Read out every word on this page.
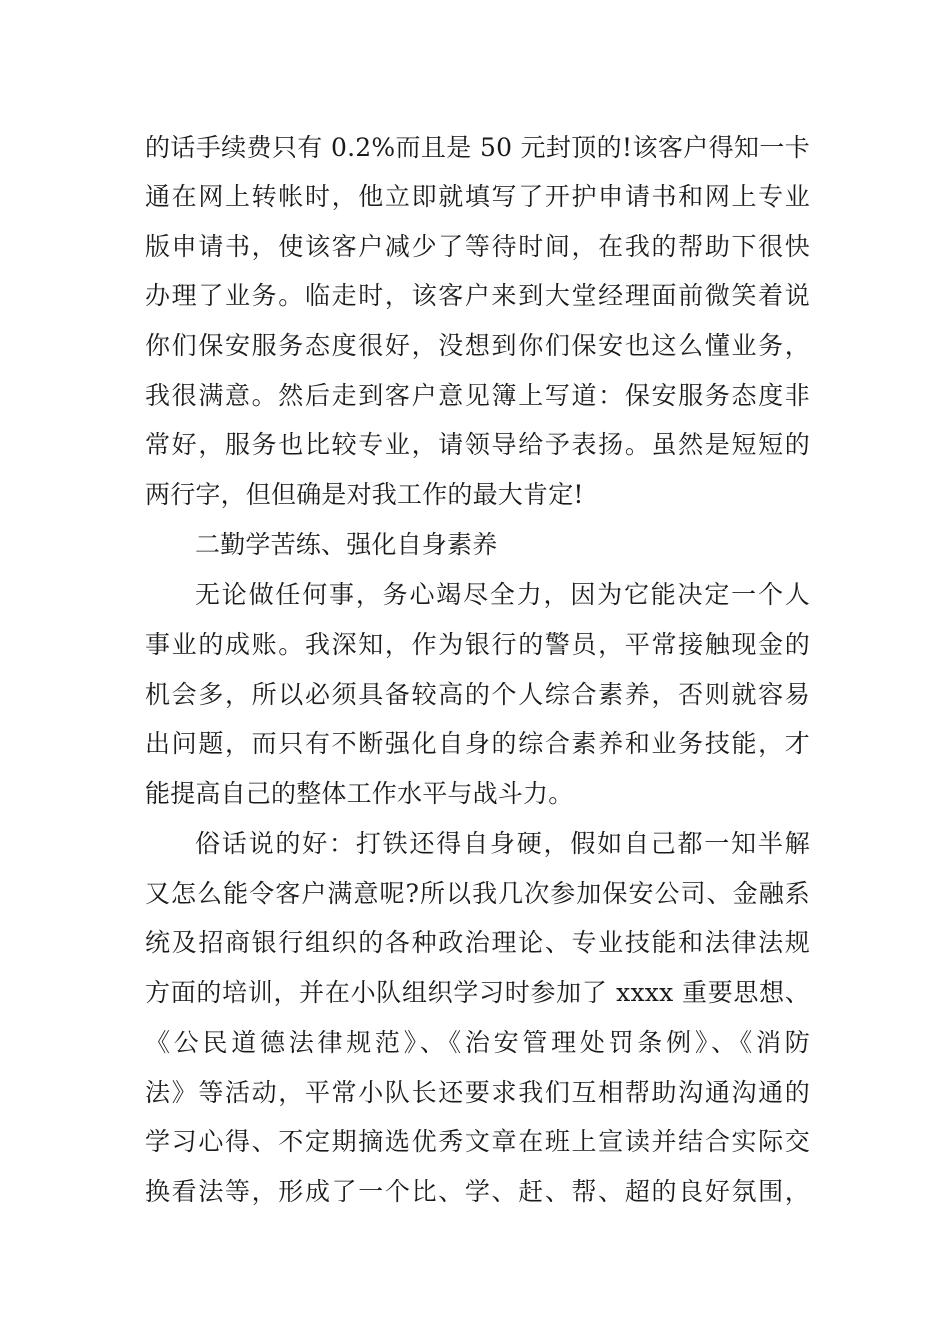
的话手续费只有 0.2%而且是 50 元封顶的!该客户得知一卡
通在网上转帐时，他立即就填写了开护申请书和网上专业
版申请书，使该客户减少了等待时间，在我的帮助下很快
办理了业务。临走时，该客户来到大堂经理面前微笑着说
你们保安服务态度很好，没想到你们保安也这么懂业务，
我很满意。然后走到客户意见簿上写道：保安服务态度非
常好，服务也比较专业，请领导给予表扬。虽然是短短的
两行字，但但确是对我工作的最大肯定!
二勤学苦练、强化自身素养
无论做任何事，务心竭尽全力，因为它能决定一个人
事业的成账。我深知，作为银行的警员，平常接触现金的
机会多，所以必须具备较高的个人综合素养，否则就容易
出问题，而只有不断强化自身的综合素养和业务技能，才
能提高自己的整体工作水平与战斗力。
俗话说的好：打铁还得自身硬，假如自己都一知半解
又怎么能令客户满意呢?所以我几次参加保安公司、金融系
统及招商银行组织的各种政治理论、专业技能和法律法规
方面的培训，并在小队组织学习时参加了 xxxx 重要思想、
《公民道德法律规范》、《治安管理处罚条例》、《消防
法》等活动，平常小队长还要求我们互相帮助沟通沟通的
学习心得、不定期摘选优秀文章在班上宣读并结合实际交
换看法等，形成了一个比、学、赶、帮、超的良好氛围，
